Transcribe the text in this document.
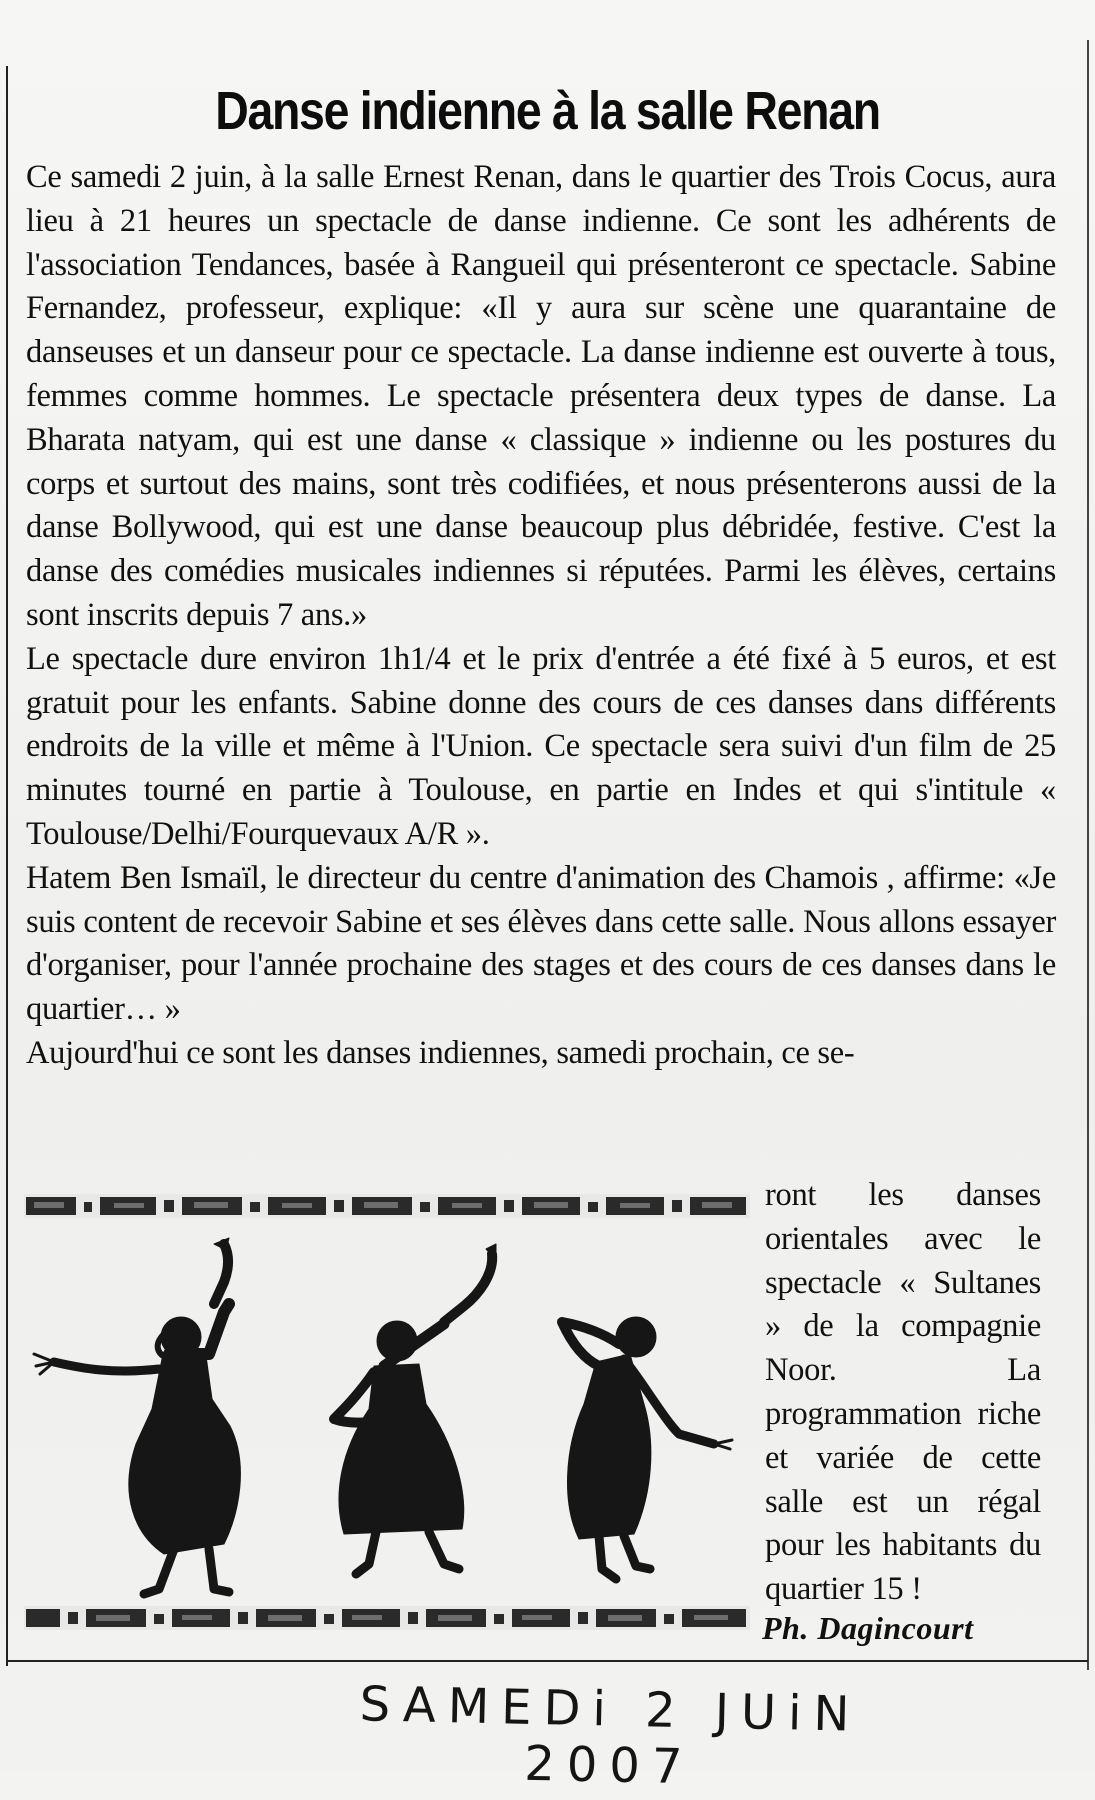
Danse indienne à la salle Renan

Ce samedi 2 juin, à la salle Ernest Renan, dans le quartier des Trois Cocus, aura lieu à 21 heures un spectacle de danse indienne. Ce sont les adhérents de l'association Tendances, basée à Rangueil qui présenteront ce spectacle. Sabine Fernandez, professeur, explique: «Il y aura sur scène une quarantaine de danseuses et un danseur pour ce spectacle. La danse indienne est ouverte à tous, femmes comme hommes. Le spectacle présentera deux types de danse. La Bharata natyam, qui est une danse « classique » indienne ou les postures du corps et surtout des mains, sont très codifiées, et nous présenterons aussi de la danse Bollywood, qui est une danse beaucoup plus débridée, festive. C'est la danse des comédies musicales indiennes si réputées. Parmi les élèves, certains sont inscrits depuis 7 ans.»

Le spectacle dure environ 1h1/4 et le prix d'entrée a été fixé à 5 euros, et est gratuit pour les enfants. Sabine donne des cours de ces danses dans différents endroits de la ville et même à l'Union. Ce spectacle sera suivi d'un film de 25 minutes tourné en partie à Toulouse, en partie en Indes et qui s'intitule « Toulouse/Delhi/Fourquevaux A/R ».

Hatem Ben Ismaïl, le directeur du centre d'animation des Chamois , affirme: «Je suis content de recevoir Sabine et ses élèves dans cette salle. Nous allons essayer d'organiser, pour l'année prochaine des stages et des cours de ces danses dans le quartier… »

Aujourd'hui ce sont les danses indiennes, samedi prochain, ce se-

ront les danses orientales avec le spectacle « Sultanes » de la compagnie Noor. La programmation riche et variée de cette salle est un régal pour les habitants du quartier 15 !
Ph. Dagincourt
SAMEDi 2 JUiN 2007
